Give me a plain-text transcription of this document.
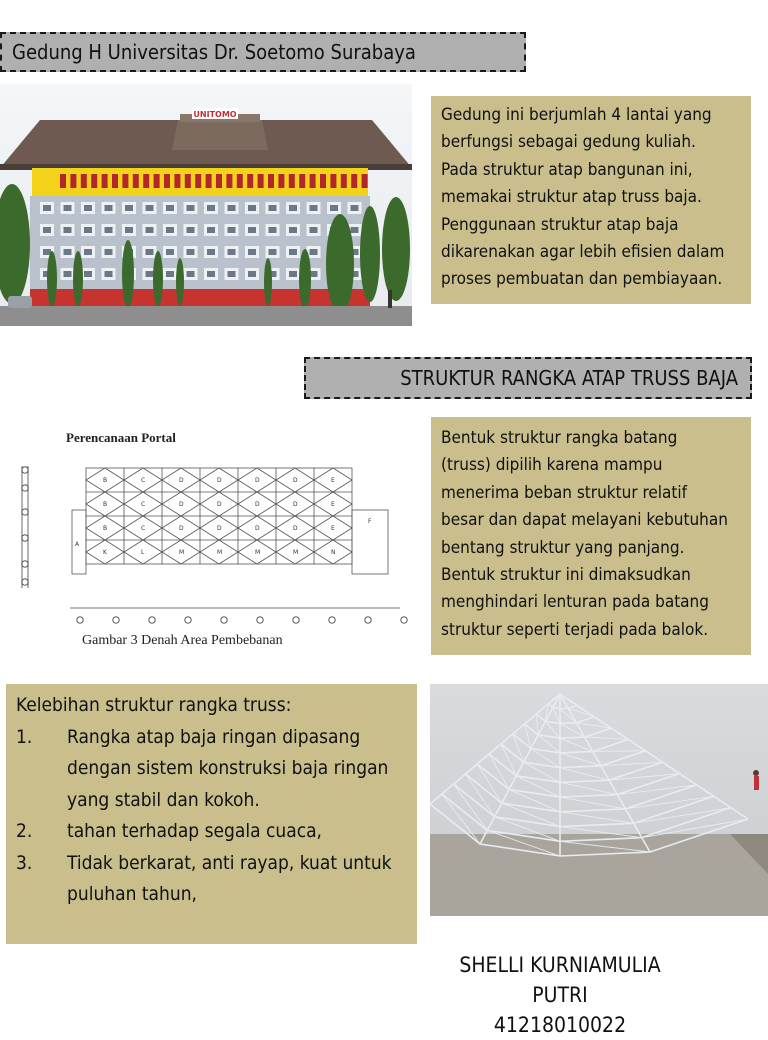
Gedung H Universitas Dr. Soetomo Surabaya
UNITOMO	Gedung ini berjumlah 4 lantai yang
berfungsi sebagai gedung kuliah.
Pada struktur atap bangunan ini,
memakai struktur atap truss baja.
Penggunaan struktur atap baja
dikarenakan agar lebih efisien dalam
proses pembuatan dan pembiayaan.
STRUKTUR RANGKA ATAP TRUSS BAJA
Perencanaan Portal
B	C	D	D	D	D	E
B	C	D	D	D	D	E
B	C	D	D	D	D	E
K	L	M	M	M	M	N
A
F
Gambar 3 Denah Area Pembebanan
Bentuk struktur rangka batang
(truss) dipilih karena mampu
menerima beban struktur relatif
besar dan dapat melayani kebutuhan
bentang struktur yang panjang.
Bentuk struktur ini dimaksudkan
menghindari lenturan pada batang
struktur seperti terjadi pada balok.
Kelebihan struktur rangka truss:
1. Rangka atap baja ringan dipasang
dengan sistem konstruksi baja ringan
yang stabil dan kokoh.
2. tahan terhadap segala cuaca,
3. Tidak berkarat, anti rayap, kuat untuk
puluhan tahun,
SHELLI KURNIAMULIA PUTRI
41218010022
